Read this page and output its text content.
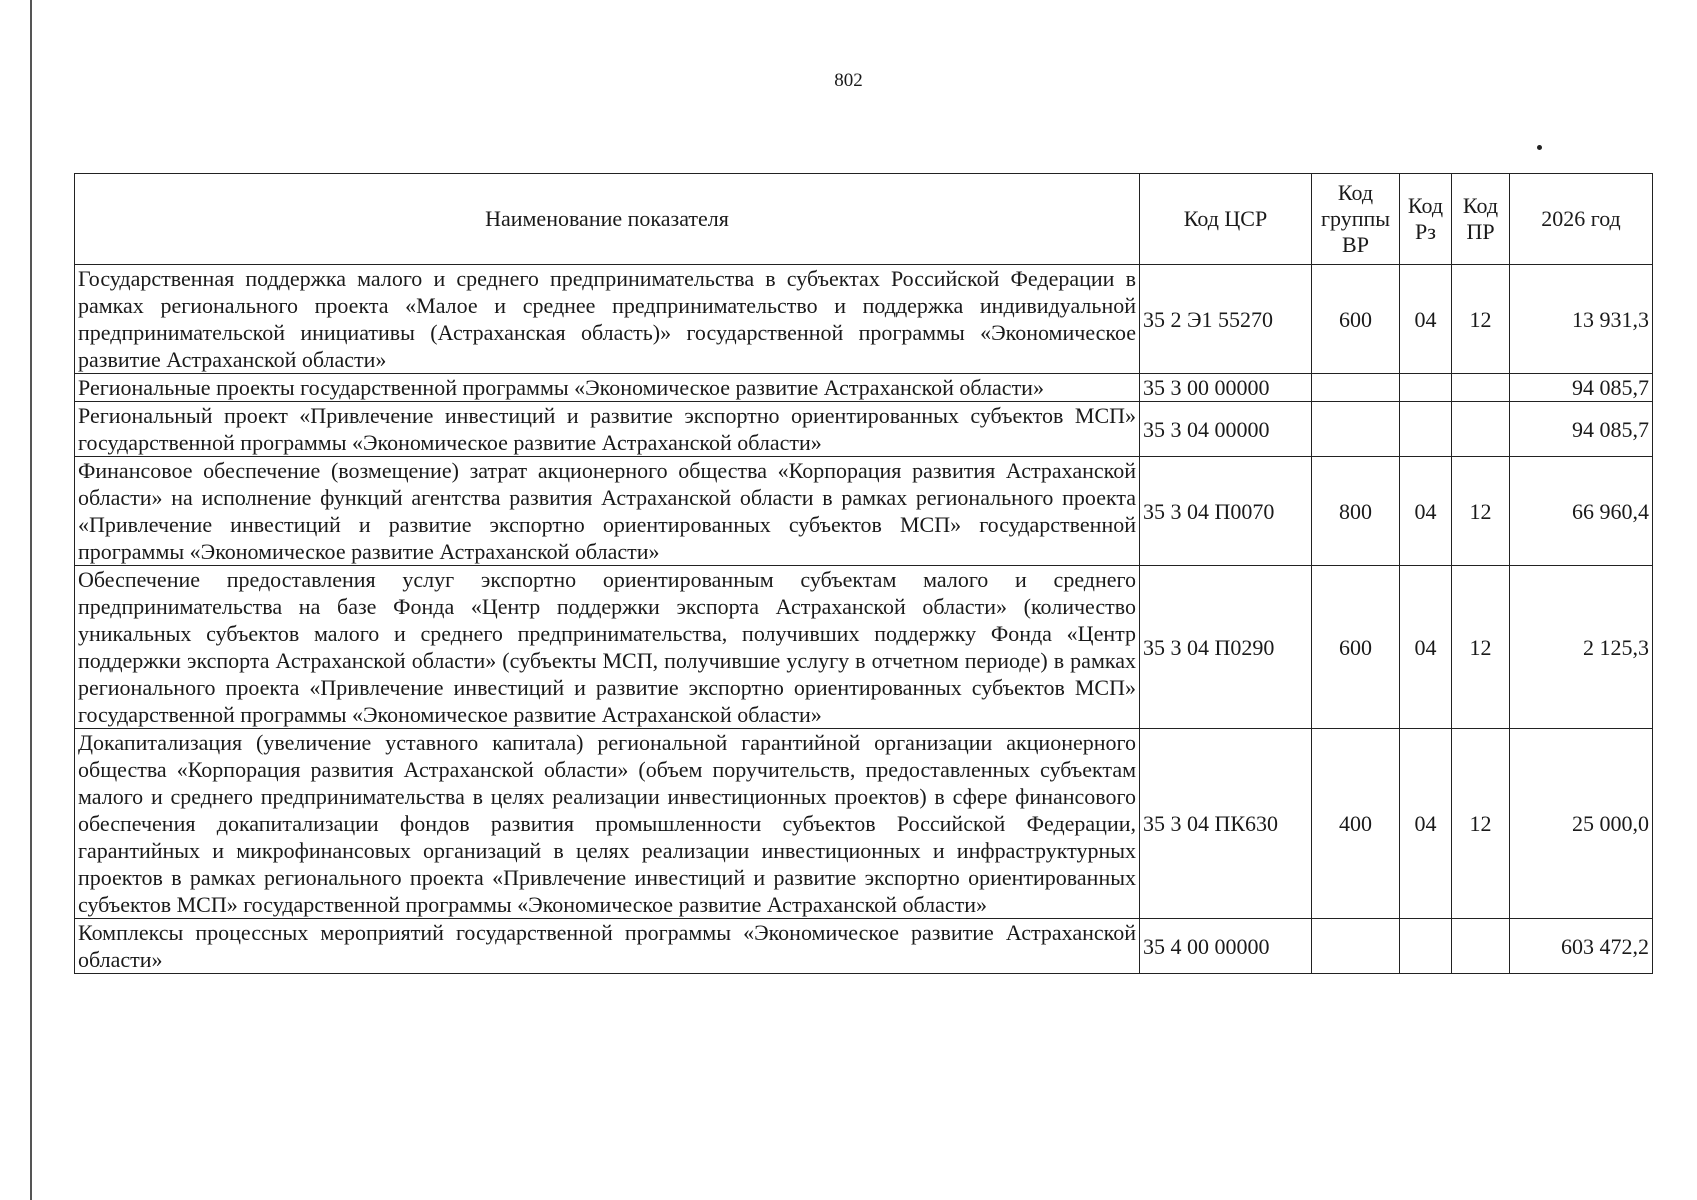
802
Наименование показателя	Код ЦСР	Код группы ВР	Код Рз	Код ПР	2026 год
Государственная поддержка малого и среднего предпринимательства в субъектах Российской Федерации в рамках регионального проекта «Малое и среднее предпринимательство и поддержка индивидуальной предпринимательской инициативы (Астраханская область)» государственной программы «Экономическое развитие Астраханской области»	35 2 Э1 55270	600	04	12	13 931,3
Региональные проекты государственной программы «Экономическое развитие Астраханской области»	35 3 00 00000				94 085,7
Региональный проект «Привлечение инвестиций и развитие экспортно ориентированных субъектов МСП» государственной программы «Экономическое развитие Астраханской области»	35 3 04 00000				94 085,7
Финансовое обеспечение (возмещение) затрат акционерного общества «Корпорация развития Астраханской области» на исполнение функций агентства развития Астраханской области в рамках регионального проекта «Привлечение инвестиций и развитие экспортно ориентированных субъектов МСП» государственной программы «Экономическое развитие Астраханской области»	35 3 04 П0070	800	04	12	66 960,4
Обеспечение предоставления услуг экспортно ориентированным субъектам малого и среднего предпринимательства на базе Фонда «Центр поддержки экспорта Астраханской области» (количество уникальных субъектов малого и среднего предпринимательства, получивших поддержку Фонда «Центр поддержки экспорта Астраханской области» (субъекты МСП, получившие услугу в отчетном периоде) в рамках регионального проекта «Привлечение инвестиций и развитие экспортно ориентированных субъектов МСП» государственной программы «Экономическое развитие Астраханской области»	35 3 04 П0290	600	04	12	2 125,3
Докапитализация (увеличение уставного капитала) региональной гарантийной организации акционерного общества «Корпорация развития Астраханской области» (объем поручительств, предоставленных субъектам малого и среднего предпринимательства в целях реализации инвестиционных проектов) в сфере финансового обеспечения докапитализации фондов развития промышленности субъектов Российской Федерации, гарантийных и микрофинансовых организаций в целях реализации инвестиционных и инфраструктурных проектов в рамках регионального проекта «Привлечение инвестиций и развитие экспортно ориентированных субъектов МСП» государственной программы «Экономическое развитие Астраханской области»	35 3 04 ПК630	400	04	12	25 000,0
Комплексы процессных мероприятий государственной программы «Экономическое развитие Астраханской области»	35 4 00 00000				603 472,2
